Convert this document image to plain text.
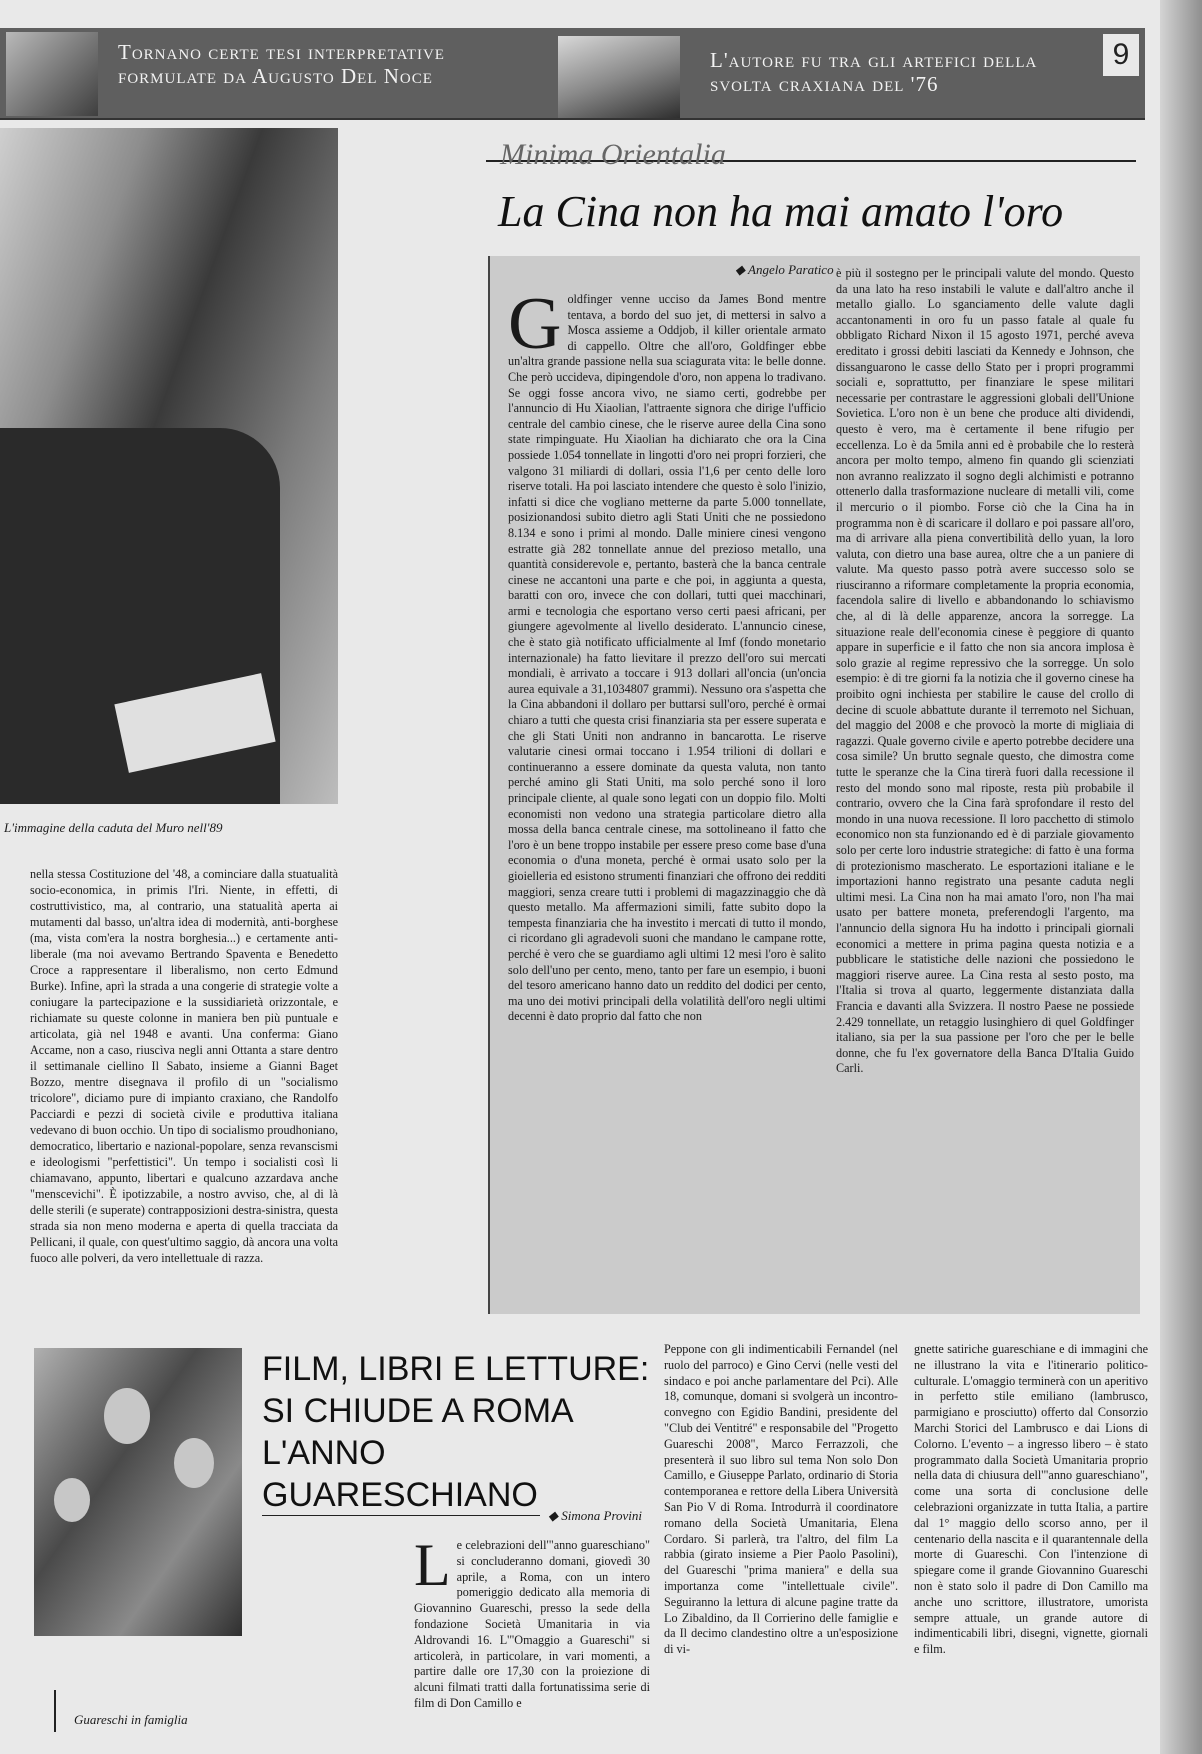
Tornano certe tesi interpretative formulate da Augusto Del Noce
L'autore fu tra gli artefici della svolta craxiana del '76
9
L'immagine della caduta del Muro nell'89
nella stessa Costituzione del '48, a cominciare dalla stuatualità socio-economica, in primis l'Iri. Niente, in effetti, di costruttivistico, ma, al contrario, una statualità aperta ai mutamenti dal basso, un'altra idea di modernità, anti-borghese (ma, vista com'era la nostra borghesia...) e certamente anti-liberale (ma noi avevamo Bertrando Spaventa e Benedetto Croce a rappresentare il liberalismo, non certo Edmund Burke). Infine, aprì la strada a una congerie di strategie volte a coniugare la partecipazione e la sussidiarietà orizzontale, e richiamate su queste colonne in maniera ben più puntuale e articolata, già nel 1948 e avanti. Una conferma: Giano Accame, non a caso, riuscìva negli anni Ottanta a stare dentro il settimanale ciellino Il Sabato, insieme a Gianni Baget Bozzo, mentre disegnava il profilo di un "socialismo tricolore", diciamo pure di impianto craxiano, che Randolfo Pacciardi e pezzi di società civile e produttiva italiana vedevano di buon occhio. Un tipo di socialismo proudhoniano, democratico, libertario e nazional-popolare, senza revanscismi e ideologismi "perfettistici". Un tempo i socialisti così li chiamavano, appunto, libertari e qualcuno azzardava anche "menscevichi". È ipotizzabile, a nostro avviso, che, al di là delle sterili (e superate) contrapposizioni destra-sinistra, questa strada sia non meno moderna e aperta di quella tracciata da Pellicani, il quale, con quest'ultimo saggio, dà ancora una volta fuoco alle polveri, da vero intellettuale di razza.
Minima Orientalia
La Cina non ha mai amato l'oro
◆ Angelo Paratico
Goldfinger venne ucciso da James Bond mentre tentava, a bordo del suo jet, di mettersi in salvo a Mosca assieme a Oddjob, il killer orientale armato di cappello. Oltre che all'oro, Goldfinger ebbe un'altra grande passione nella sua sciagurata vita: le belle donne. Che però uccideva, dipingendole d'oro, non appena lo tradivano. Se oggi fosse ancora vivo, ne siamo certi, godrebbe per l'annuncio di Hu Xiaolian, l'attraente signora che dirige l'ufficio centrale del cambio cinese, che le riserve auree della Cina sono state rimpinguate. Hu Xiaolian ha dichiarato che ora la Cina possiede 1.054 tonnellate in lingotti d'oro nei propri forzieri, che valgono 31 miliardi di dollari, ossia l'1,6 per cento delle loro riserve totali. Ha poi lasciato intendere che questo è solo l'inizio, infatti si dice che vogliano metterne da parte 5.000 tonnellate, posizionandosi subito dietro agli Stati Uniti che ne possiedono 8.134 e sono i primi al mondo. Dalle miniere cinesi vengono estratte già 282 tonnellate annue del prezioso metallo, una quantità considerevole e, pertanto, basterà che la banca centrale cinese ne accantoni una parte e che poi, in aggiunta a questa, baratti con oro, invece che con dollari, tutti quei macchinari, armi e tecnologia che esportano verso certi paesi africani, per giungere agevolmente al livello desiderato. L'annuncio cinese, che è stato già notificato ufficialmente al Imf (fondo monetario internazionale) ha fatto lievitare il prezzo dell'oro sui mercati mondiali, è arrivato a toccare i 913 dollari all'oncia (un'oncia aurea equivale a 31,1034807 grammi). Nessuno ora s'aspetta che la Cina abbandoni il dollaro per buttarsi sull'oro, perché è ormai chiaro a tutti che questa crisi finanziaria sta per essere superata e che gli Stati Uniti non andranno in bancarotta. Le riserve valutarie cinesi ormai toccano i 1.954 trilioni di dollari e continueranno a essere dominate da questa valuta, non tanto perché amino gli Stati Uniti, ma solo perché sono il loro principale cliente, al quale sono legati con un doppio filo. Molti economisti non vedono una strategia particolare dietro alla mossa della banca centrale cinese, ma sottolineano il fatto che l'oro è un bene troppo instabile per essere preso come base d'una economia o d'una moneta, perché è ormai usato solo per la gioielleria ed esistono strumenti finanziari che offrono dei redditi maggiori, senza creare tutti i problemi di magazzinaggio che dà questo metallo. Ma affermazioni simili, fatte subito dopo la tempesta finanziaria che ha investito i mercati di tutto il mondo, ci ricordano gli agradevoli suoni che mandano le campane rotte, perché è vero che se guardiamo agli ultimi 12 mesi l'oro è salito solo dell'uno per cento, meno, tanto per fare un esempio, i buoni del tesoro americano hanno dato un reddito del dodici per cento, ma uno dei motivi principali della volatilità dell'oro negli ultimi decenni è dato proprio dal fatto che non
è più il sostegno per le principali valute del mondo. Questo da una lato ha reso instabili le valute e dall'altro anche il metallo giallo. Lo sganciamento delle valute dagli accantonamenti in oro fu un passo fatale al quale fu obbligato Richard Nixon il 15 agosto 1971, perché aveva ereditato i grossi debiti lasciati da Kennedy e Johnson, che dissanguarono le casse dello Stato per i propri programmi sociali e, soprattutto, per finanziare le spese militari necessarie per contrastare le aggressioni globali dell'Unione Sovietica. L'oro non è un bene che produce alti dividendi, questo è vero, ma è certamente il bene rifugio per eccellenza. Lo è da 5mila anni ed è probabile che lo resterà ancora per molto tempo, almeno fin quando gli scienziati non avranno realizzato il sogno degli alchimisti e potranno ottenerlo dalla trasformazione nucleare di metalli vili, come il mercurio o il piombo. Forse ciò che la Cina ha in programma non è di scaricare il dollaro e poi passare all'oro, ma di arrivare alla piena convertibilità dello yuan, la loro valuta, con dietro una base aurea, oltre che a un paniere di valute. Ma questo passo potrà avere successo solo se riusciranno a riformare completamente la propria economia, facendola salire di livello e abbandonando lo schiavismo che, al di là delle apparenze, ancora la sorregge. La situazione reale dell'economia cinese è peggiore di quanto appare in superficie e il fatto che non sia ancora implosa è solo grazie al regime repressivo che la sorregge. Un solo esempio: è di tre giorni fa la notizia che il governo cinese ha proibito ogni inchiesta per stabilire le cause del crollo di decine di scuole abbattute durante il terremoto nel Sichuan, del maggio del 2008 e che provocò la morte di migliaia di ragazzi. Quale governo civile e aperto potrebbe decidere una cosa simile? Un brutto segnale questo, che dimostra come tutte le speranze che la Cina tirerà fuori dalla recessione il resto del mondo sono mal riposte, resta più probabile il contrario, ovvero che la Cina farà sprofondare il resto del mondo in una nuova recessione. Il loro pacchetto di stimolo economico non sta funzionando ed è di parziale giovamento solo per certe loro industrie strategiche: di fatto è una forma di protezionismo mascherato. Le esportazioni italiane e le importazioni hanno registrato una pesante caduta negli ultimi mesi. La Cina non ha mai amato l'oro, non l'ha mai usato per battere moneta, preferendogli l'argento, ma l'annuncio della signora Hu ha indotto i principali giornali economici a mettere in prima pagina questa notizia e a pubblicare le statistiche delle nazioni che possiedono le maggiori riserve auree. La Cina resta al sesto posto, ma l'Italia si trova al quarto, leggermente distanziata dalla Francia e davanti alla Svizzera. Il nostro Paese ne possiede 2.429 tonnellate, un retaggio lusinghiero di quel Goldfinger italiano, sia per la sua passione per l'oro che per le belle donne, che fu l'ex governatore della Banca D'Italia Guido Carli.
Guareschi in famiglia
FILM, LIBRI E LETTURE: SI CHIUDE A ROMA L'ANNO GUARESCHIANO
◆ Simona Provini
Le celebrazioni dell'"anno guareschiano" si concluderanno domani, giovedì 30 aprile, a Roma, con un intero pomeriggio dedicato alla memoria di Giovannino Guareschi, presso la sede della fondazione Società Umanitaria in via Aldrovandi 16. L'"Omaggio a Guareschi" si articolerà, in particolare, in vari momenti, a partire dalle ore 17,30 con la proiezione di alcuni filmati tratti dalla fortunatissima serie di film di Don Camillo e
Peppone con gli indimenticabili Fernandel (nel ruolo del parroco) e Gino Cervi (nelle vesti del sindaco e poi anche parlamentare del Pci). Alle 18, comunque, domani si svolgerà un incontro-convegno con Egidio Bandini, presidente del "Club dei Ventitré" e responsabile del "Progetto Guareschi 2008", Marco Ferrazzoli, che presenterà il suo libro sul tema Non solo Don Camillo, e Giuseppe Parlato, ordinario di Storia contemporanea e rettore della Libera Università San Pio V di Roma. Introdurrà il coordinatore romano della Società Umanitaria, Elena Cordaro. Si parlerà, tra l'altro, del film La rabbia (girato insieme a Pier Paolo Pasolini), del Guareschi "prima maniera" e della sua importanza come "intellettuale civile". Seguiranno la lettura di alcune pagine tratte da Lo Zibaldino, da Il Corrierino delle famiglie e da Il decimo clandestino oltre a un'esposizione di vi-
gnette satiriche guareschiane e di immagini che ne illustrano la vita e l'itinerario politico-culturale. L'omaggio terminerà con un aperitivo in perfetto stile emiliano (lambrusco, parmigiano e prosciutto) offerto dal Consorzio Marchi Storici del Lambrusco e dai Lions di Colorno. L'evento – a ingresso libero – è stato programmato dalla Società Umanitaria proprio nella data di chiusura dell'"anno guareschiano", come una sorta di conclusione delle celebrazioni organizzate in tutta Italia, a partire dal 1° maggio dello scorso anno, per il centenario della nascita e il quarantennale della morte di Guareschi. Con l'intenzione di spiegare come il grande Giovannino Guareschi non è stato solo il padre di Don Camillo ma anche uno scrittore, illustratore, umorista sempre attuale, un grande autore di indimenticabili libri, disegni, vignette, giornali e film.
